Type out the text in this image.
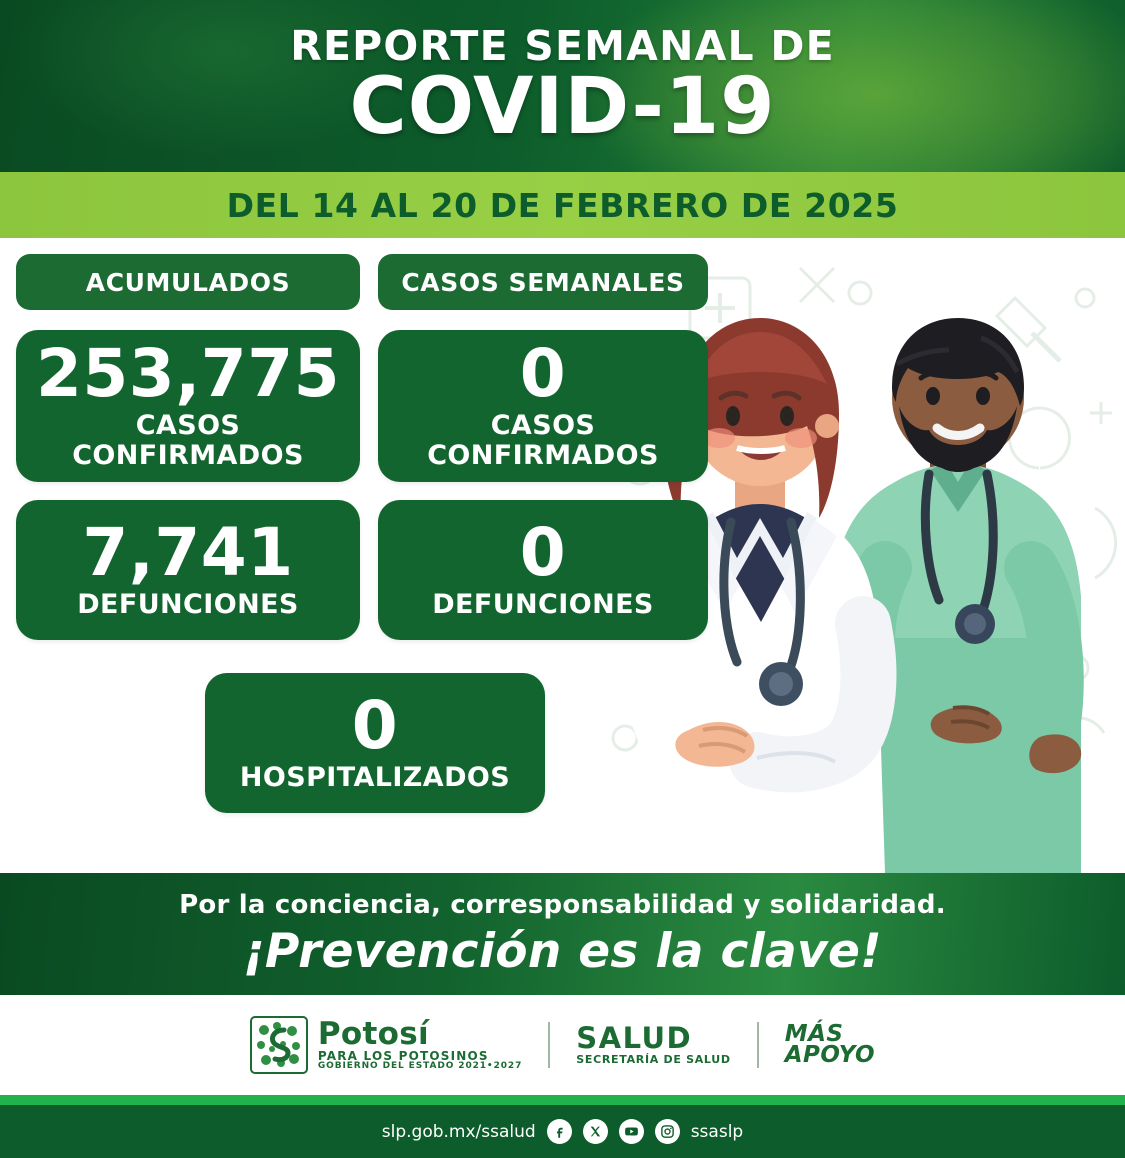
REPORTE SEMANAL DE
COVID-19
DEL 14 AL 20 DE FEBRERO DE 2025
ACUMULADOS	CASOS SEMANALES
253,775
CASOS
CONFIRMADOS
0
CASOS
CONFIRMADOS
7,741
DEFUNCIONES
0
DEFUNCIONES
0
HOSPITALIZADOS
Por la conciencia, corresponsabilidad y solidaridad.
¡Prevención es la clave!
Potosí
PARA LOS POTOSINOS
GOBIERNO DEL ESTADO 2021•2027
SALUD
SECRETARÍA DE SALUD
MÁS
APOYO
slp.gob.mx/ssalud	ssaslp
